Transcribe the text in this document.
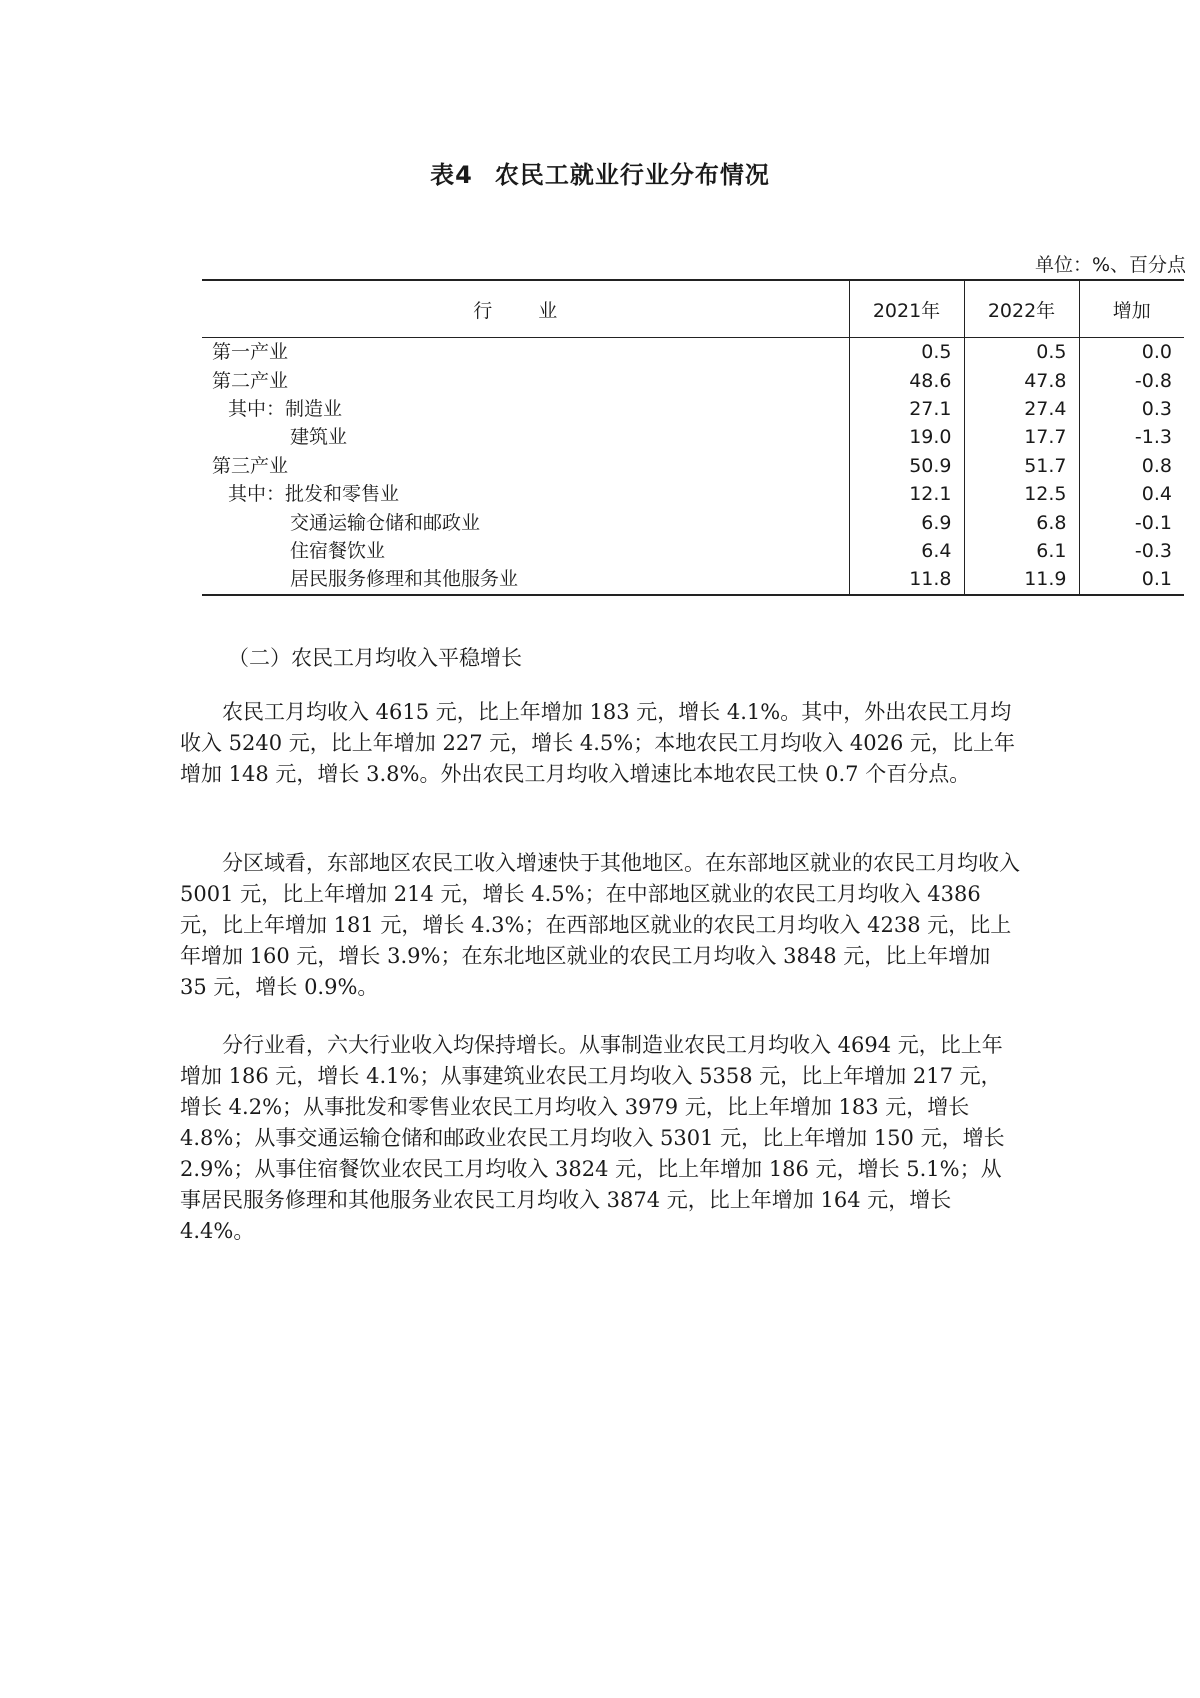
表4 农民工就业行业分布情况
单位：%、百分点
行 业	2021年	2022年	增加
第一产业	0.5	0.5	0.0
第二产业	48.6	47.8	-0.8
其中：制造业	27.1	27.4	0.3
建筑业	19.0	17.7	-1.3
第三产业	50.9	51.7	0.8
其中：批发和零售业	12.1	12.5	0.4
交通运输仓储和邮政业	6.9	6.8	-0.1
住宿餐饮业	6.4	6.1	-0.3
居民服务修理和其他服务业	11.8	11.9	0.1

（二）农民工月均收入平稳增长

农民工月均收入 4615 元，比上年增加 183 元，增长 4.1%。其中，外出农民工月均收入 5240 元，比上年增加 227 元，增长 4.5%；本地农民工月均收入 4026 元，比上年增加 148 元，增长 3.8%。外出农民工月均收入增速比本地农民工快 0.7 个百分点。

分区域看，东部地区农民工收入增速快于其他地区。在东部地区就业的农民工月均收入 5001 元，比上年增加 214 元，增长 4.5%；在中部地区就业的农民工月均收入 4386 元，比上年增加 181 元，增长 4.3%；在西部地区就业的农民工月均收入 4238 元，比上年增加 160 元，增长 3.9%；在东北地区就业的农民工月均收入 3848 元，比上年增加 35 元，增长 0.9%。

分行业看，六大行业收入均保持增长。从事制造业农民工月均收入 4694 元，比上年增加 186 元，增长 4.1%；从事建筑业农民工月均收入 5358 元，比上年增加 217 元，增长 4.2%；从事批发和零售业农民工月均收入 3979 元，比上年增加 183 元，增长 4.8%；从事交通运输仓储和邮政业农民工月均收入 5301 元，比上年增加 150 元，增长 2.9%；从事住宿餐饮业农民工月均收入 3824 元，比上年增加 186 元，增长 5.1%；从事居民服务修理和其他服务业农民工月均收入 3874 元，比上年增加 164 元，增长 4.4%。
